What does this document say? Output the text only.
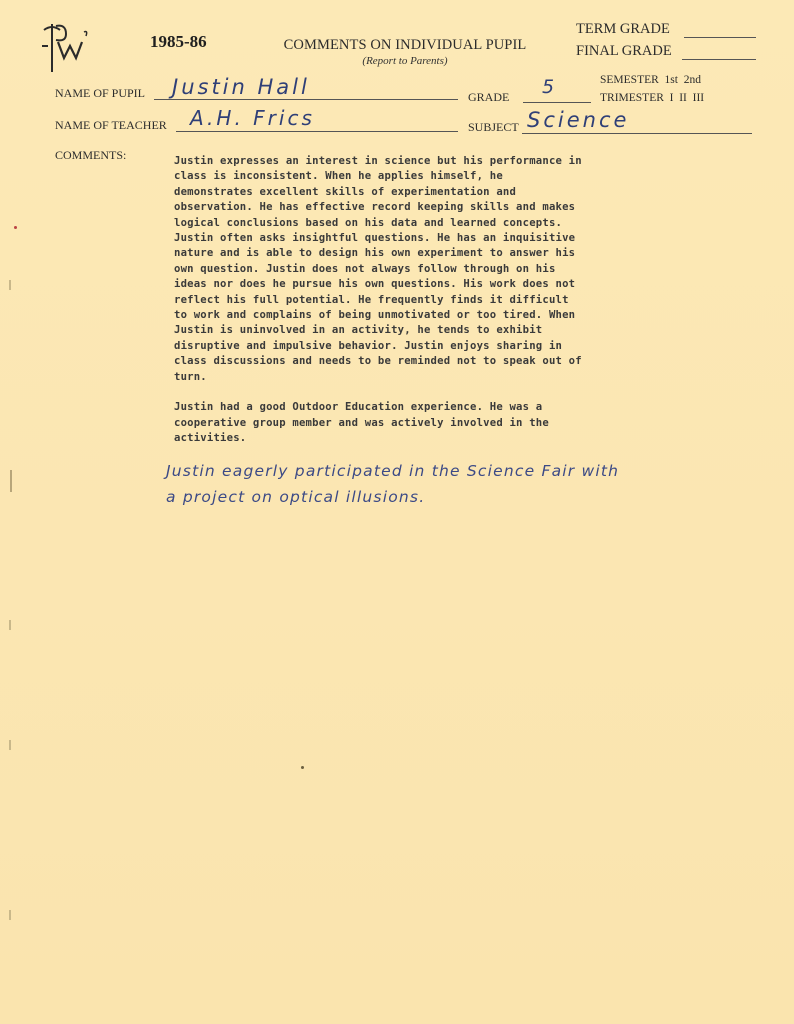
1985-86	COMMENTS ON INDIVIDUAL PUPIL
(Report to Parents)
TERM GRADE
FINAL GRADE
SEMESTER 1st  2nd
TRIMESTER I  II  III
NAME OF PUPIL Justin Hall	GRADE 5
NAME OF TEACHER A.H. Frics	SUBJECT Science
COMMENTS:	Justin expresses an interest in science but his performance in
class is inconsistent. When he applies himself, he
demonstrates excellent skills of experimentation and
observation. He has effective record keeping skills and makes
logical conclusions based on his data and learned concepts.
Justin often asks insightful questions. He has an inquisitive
nature and is able to design his own experiment to answer his
own question. Justin does not always follow through on his
ideas nor does he pursue his own questions. His work does not
reflect his full potential. He frequently finds it difficult
to work and complains of being unmotivated or too tired. When
Justin is uninvolved in an activity, he tends to exhibit
disruptive and impulsive behavior. Justin enjoys sharing in
class discussions and needs to be reminded not to speak out of
turn.
Justin had a good Outdoor Education experience. He was a
cooperative group member and was actively involved in the
activities.
Justin eagerly participated in the Science Fair with
a project on optical illusions.
